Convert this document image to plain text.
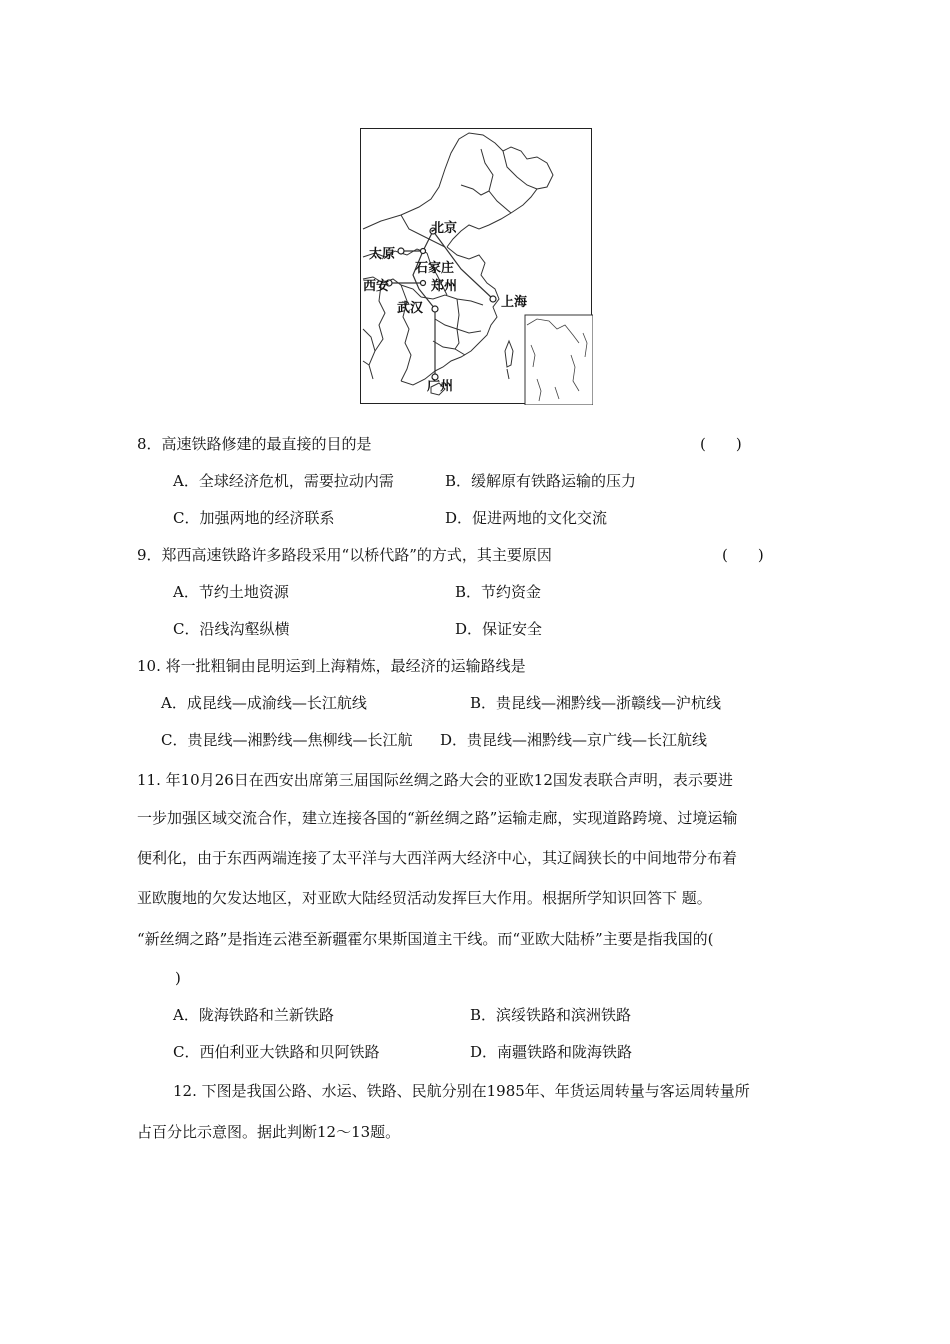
北京
太原
石家庄
西安	郑州
武汉	上海
广州
8．高速铁路修建的最直接的目的是	(　　)
A．全球经济危机，需要拉动内需	B．缓解原有铁路运输的压力
C．加强两地的经济联系	D．促进两地的文化交流
9．郑西高速铁路许多路段采用“以桥代路”的方式，其主要原因	(　　)
A．节约土地资源	B．节约资金
C．沿线沟壑纵横	D．保证安全
10. 将一批粗铜由昆明运到上海精炼，最经济的运输路线是
A．成昆线—成渝线—长江航线	B．贵昆线—湘黔线—浙赣线—沪杭线
C．贵昆线—湘黔线—焦柳线—长江航 D．贵昆线—湘黔线—京广线—长江航线
11. 年10月26日在西安出席第三届国际丝绸之路大会的亚欧12国发表联合声明，表示要进
一步加强区域交流合作，建立连接各国的“新丝绸之路”运输走廊，实现道路跨境、过境运输
便利化，由于东西两端连接了太平洋与大西洋两大经济中心，其辽阔狭长的中间地带分布着
亚欧腹地的欠发达地区，对亚欧大陆经贸活动发挥巨大作用。根据所学知识回答下 题。
“新丝绸之路”是指连云港至新疆霍尔果斯国道主干线。而“亚欧大陆桥”主要是指我国的(
)
A．陇海铁路和兰新铁路	B．滨绥铁路和滨洲铁路
C．西伯利亚大铁路和贝阿铁路	D．南疆铁路和陇海铁路
12. 下图是我国公路、水运、铁路、民航分别在1985年、年货运周转量与客运周转量所
占百分比示意图。据此判断12～13题。
